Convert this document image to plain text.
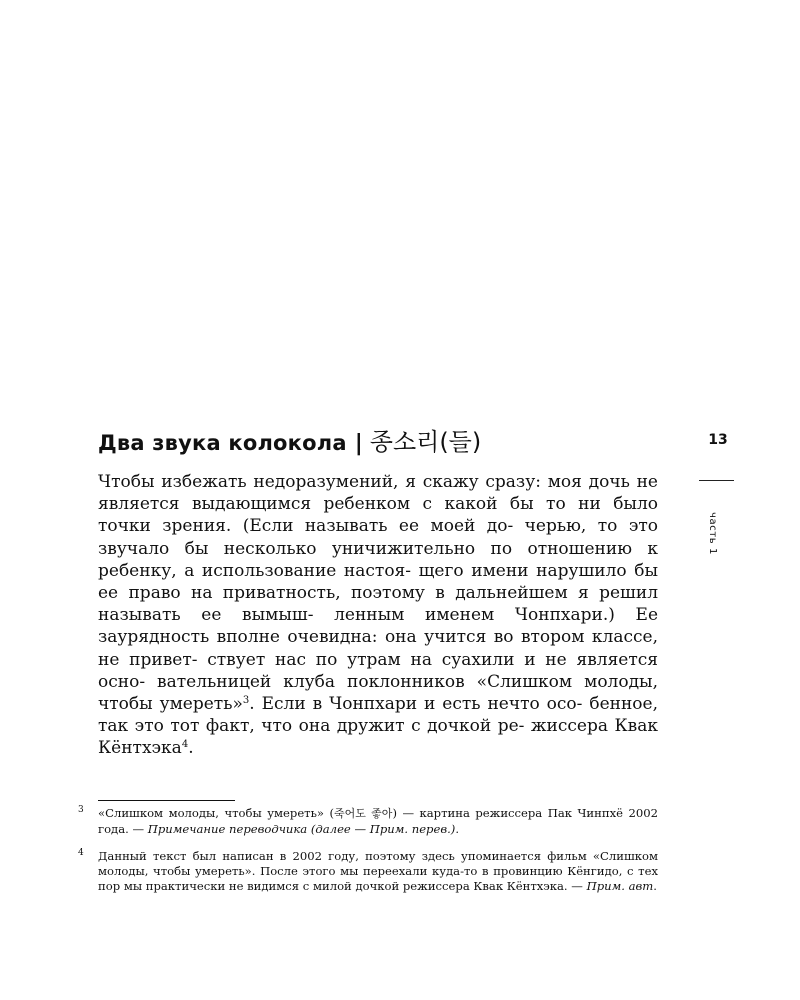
Два звука колокола | 종소리(들)	13
часть 1

Чтобы избежать недоразумений, я скажу сразу: моя дочь не является выдающимся ребенком с какой бы то ни было точки зрения. (Если называть ее моей до- черью, то это звучало бы несколько уничижительно по отношению к ребенку, а использование настоя- щего имени нарушило бы ее право на приватность, поэтому в дальнейшем я решил называть ее вымыш- ленным именем Чонпхари.) Ее заурядность вполне очевидна: она учится во втором классе, не привет- ствует нас по утрам на суахили и не является осно- вательницей клуба поклонников «Слишком молоды, чтобы умереть»$^3$. Если в Чонпхари и есть нечто осо- бенное, так это тот факт, что она дружит с дочкой ре- жиссера Квак Кёнтхэка$^4$.

3 «Слишком молоды, чтобы умереть» (죽어도 좋아) — картина режиссера Пак Чинпхё 2002 года. — Примечание переводчика (далее — Прим. перев.).
4 Данный текст был написан в 2002 году, поэтому здесь упоминается фильм «Слишком молоды, чтобы умереть». После этого мы переехали куда-то в провинцию Кёнгидо, с тех пор мы практически не видимся с милой дочкой режиссера Квак Кёнтхэка. — Прим. авт.
